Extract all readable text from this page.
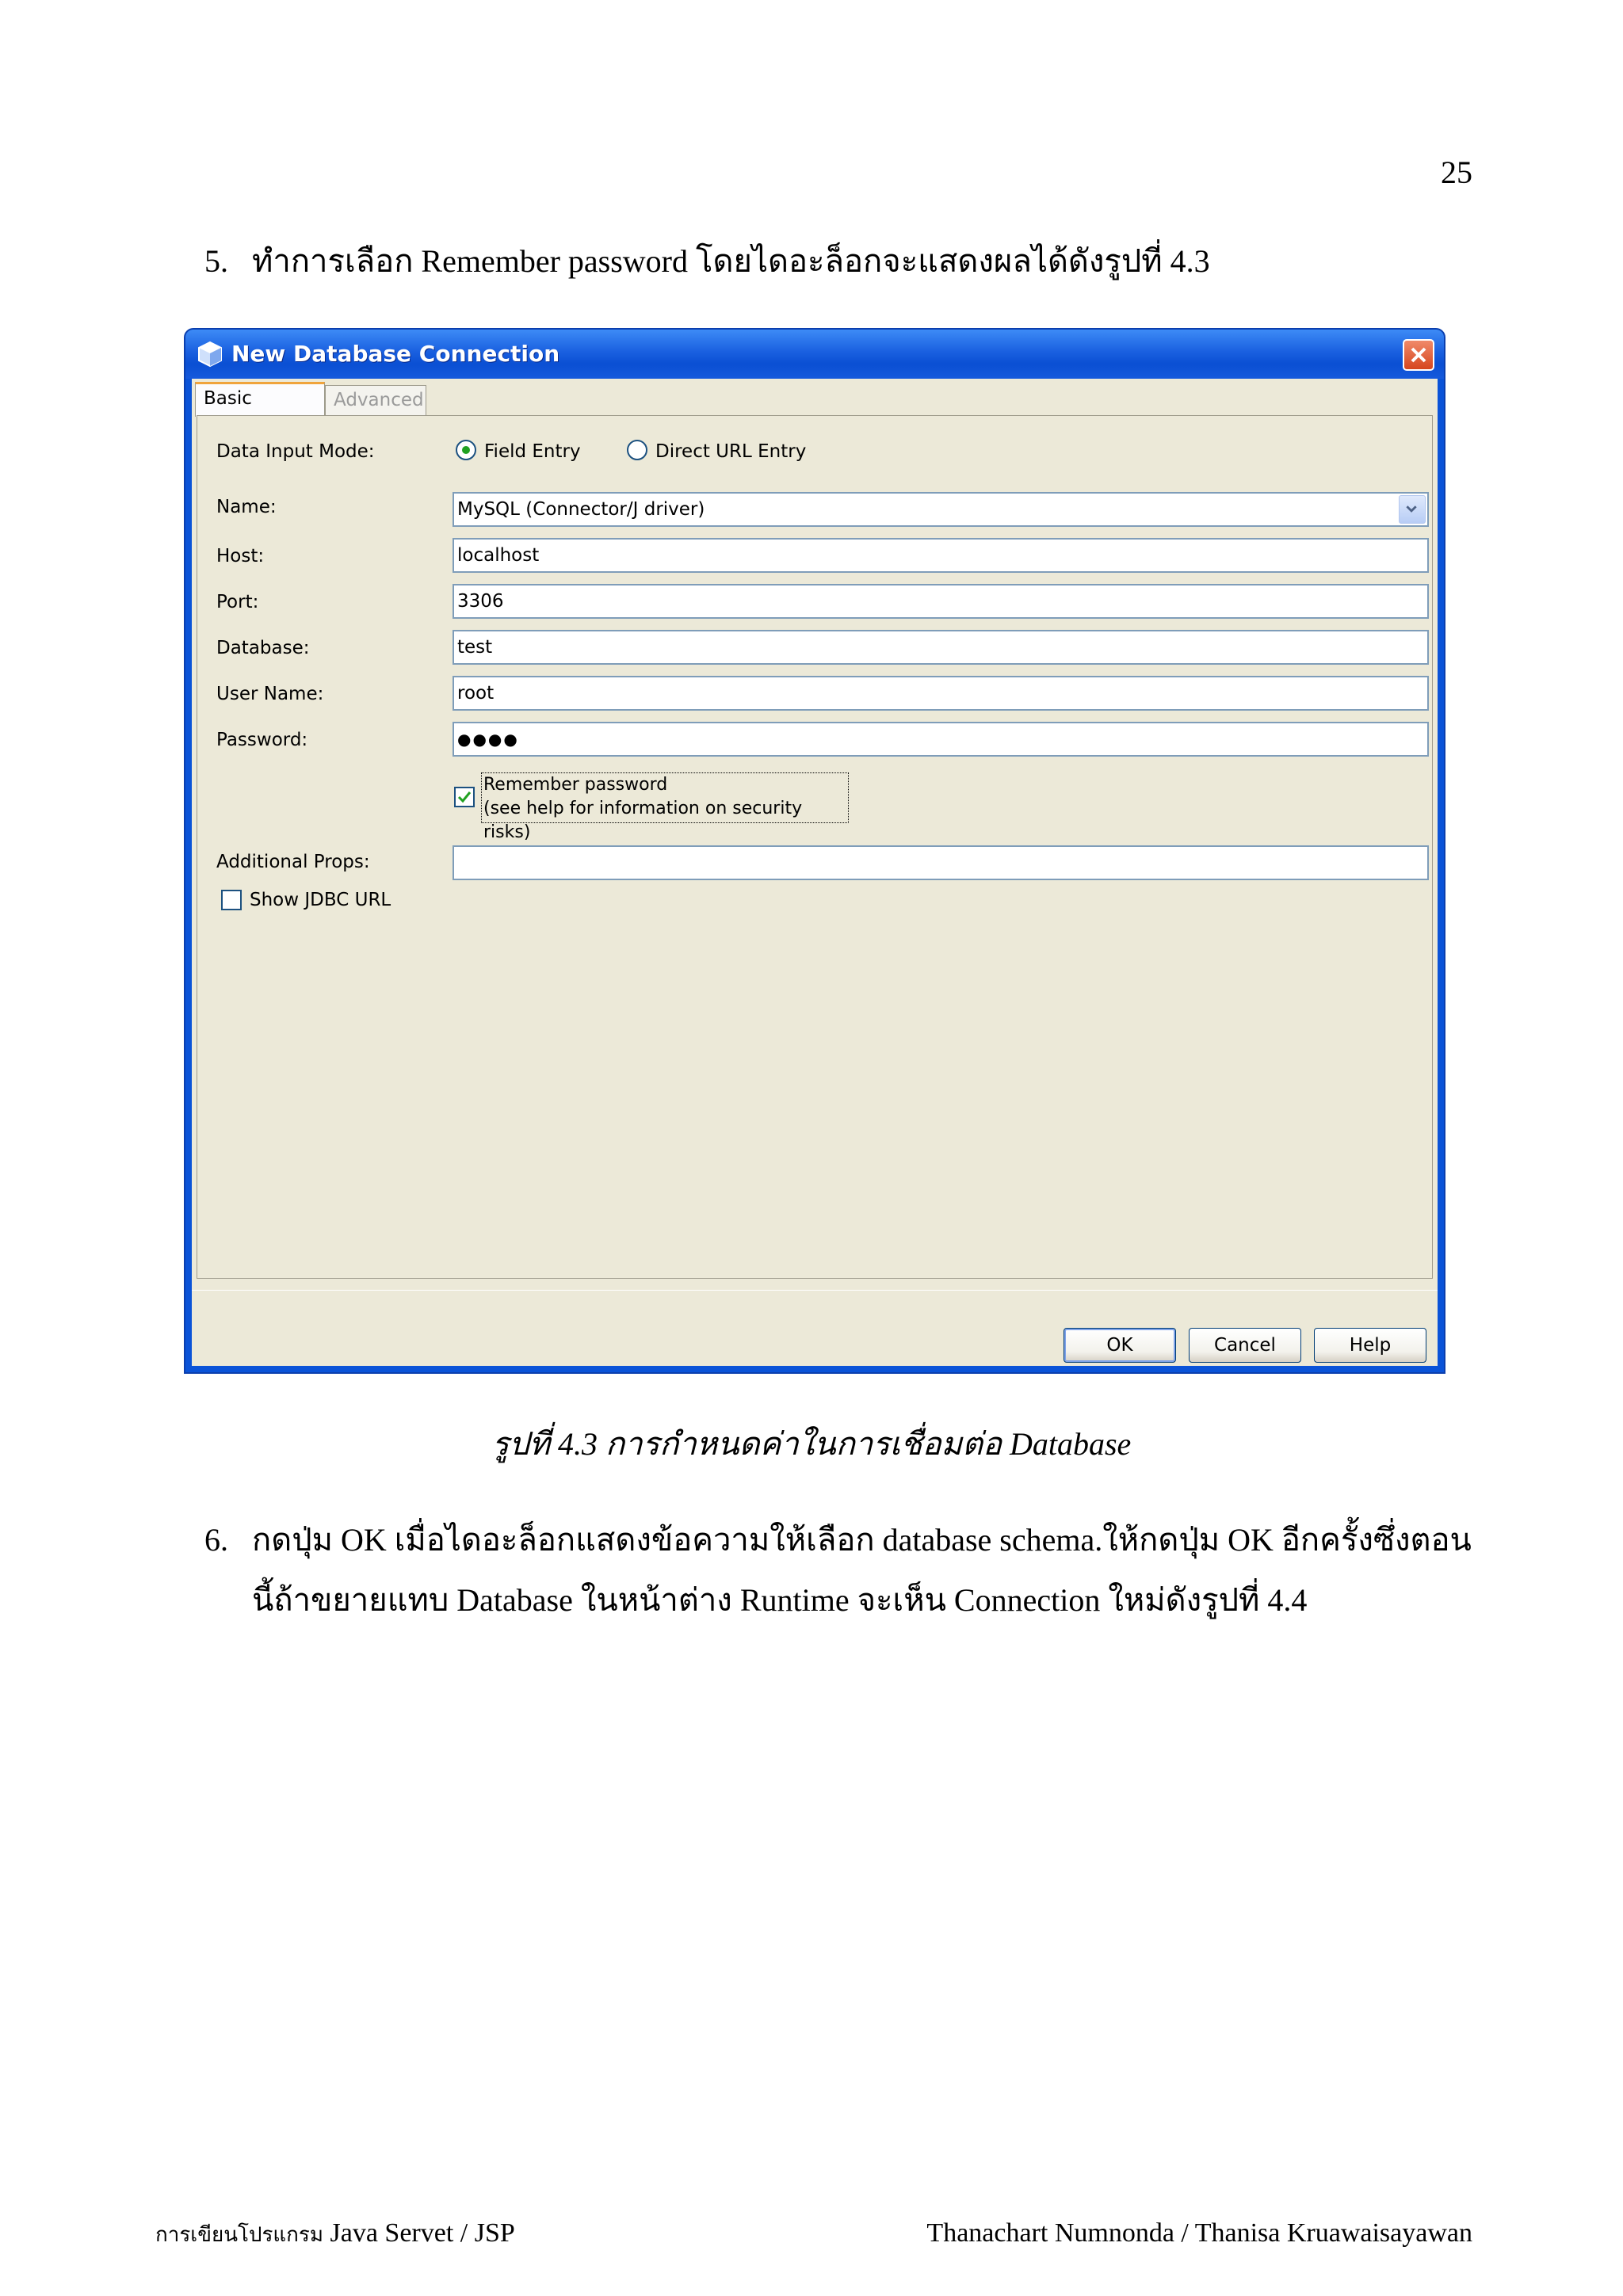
25
5. ทำการเลือก Remember password โดยไดอะล็อกจะแสดงผลได้ดังรูปที่ 4.3
New Database Connection
Basic	Advanced
Data Input Mode:	Field Entry	Direct URL Entry
Name:	MySQL (Connector/J driver)
Host:	localhost
Port:	3306
Database:	test
User Name:	root
Password:	●●●●
Remember password
(see help for information on security risks)
Additional Props:
Show JDBC URL
OK	Cancel	Help
รูปที่ 4.3 การกำหนดค่าในการเชื่อมต่อ Database
6. กดปุ่ม OK เมื่อไดอะล็อกแสดงข้อความให้เลือก database schema.ให้กดปุ่ม OK อีกครั้งซึ่งตอนนี้ถ้าขยายแทบ Database ในหน้าต่าง Runtime จะเห็น Connection ใหม่ดังรูปที่ 4.4
การเขียนโปรแกรม Java Servet / JSP	Thanachart Numnonda / Thanisa Kruawaisayawan
